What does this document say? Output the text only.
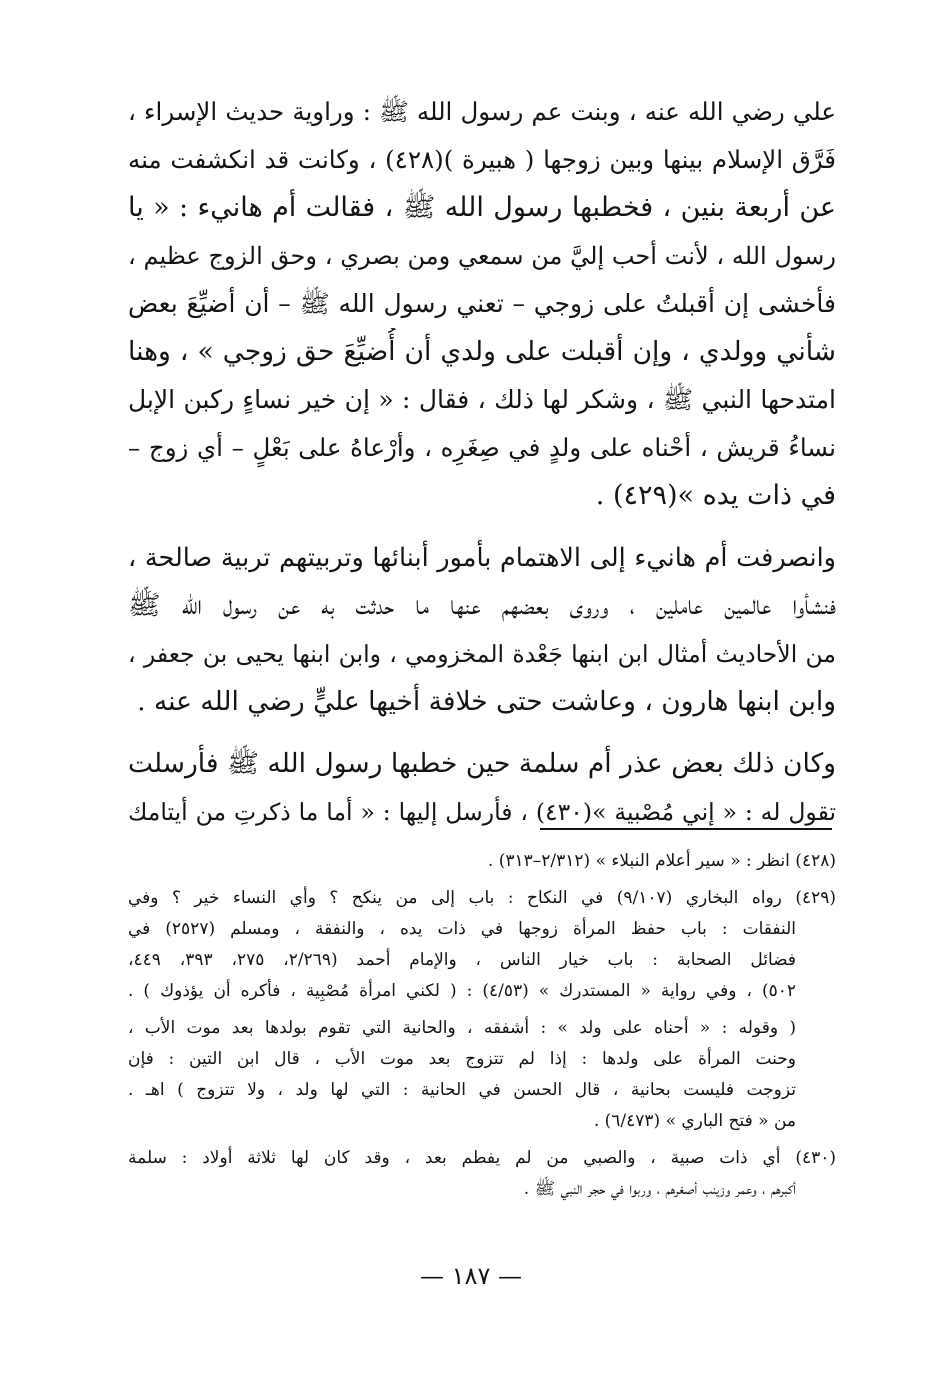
علي رضي الله عنه ، وبنت عم رسول الله ﷺ : وراوية حديث الإسراء ،
فَرَّق الإسلام بينها وبين زوجها ( هبيرة )(٤٢٨) ، وكانت قد انكشفت منه
عن أربعة بنين ، فخطبها رسول الله ﷺ ، فقالت أم هانيء : « يا
رسول الله ، لأنت أحب إليَّ من سمعي ومن بصري ، وحق الزوج عظيم ،
فأخشى إن أقبلتُ على زوجي – تعني رسول الله ﷺ – أن أضيِّعَ بعض
شأني وولدي ، وإن أقبلت على ولدي أن أُضيِّعَ حق زوجي » ، وهنا
امتدحها النبي ﷺ ، وشكر لها ذلك ، فقال : « إن خير نساءٍ ركبن الإبل
نساءُ قريش ، أحْناه على ولدٍ في صِغَرِه ، وأرْعاهُ على بَعْلٍ – أي زوج –
في ذات يده »(٤٢٩) .
وانصرفت أم هانيء إلى الاهتمام بأمور أبنائها وتربيتهم تربية صالحة ،
فنشأوا عالمين عاملين ، وروى بعضهم عنها ما حدثت به عن رسول الله ﷺ
من الأحاديث أمثال ابن ابنها جَعْدة المخزومي ، وابن ابنها يحيى بن جعفر ،
وابن ابنها هارون ، وعاشت حتى خلافة أخيها عليٍّ رضي الله عنه .
وكان ذلك بعض عذر أم سلمة حين خطبها رسول الله ﷺ فأرسلت
تقول له : « إني مُصْبية »(٤٣٠) ، فأرسل إليها : « أما ما ذكرتِ من أيتامك
(٤٢٨) انظر : « سير أعلام النبلاء » (٢/٣١٢–٣١٣) .
(٤٢٩) رواه البخاري (٩/١٠٧) في النكاح : باب إلى من ينكح ؟ وأي النساء خير ؟ وفي
النفقات : باب حفظ المرأة زوجها في ذات يده ، والنفقة ، ومسلم (٢٥٢٧) في
فضائل الصحابة : باب خيار الناس ، والإمام أحمد (٢/٢٦٩، ٢٧٥، ٣٩٣، ٤٤٩،
٥٠٢) ، وفي رواية « المستدرك » (٤/٥٣) : ( لكني امرأة مُصْبِية ، فأكره أن يؤذوك ) .
( وقوله : « أحناه على ولد » : أشفقه ، والحانية التي تقوم بولدها بعد موت الأب ،
وحنت المرأة على ولدها : إذا لم تتزوج بعد موت الأب ، قال ابن التين : فإن
تزوجت فليست بحانية ، قال الحسن في الحانية : التي لها ولد ، ولا تتزوج ) اهـ .
من « فتح الباري » (٦/٤٧٣) .
(٤٣٠) أي ذات صبية ، والصبي من لم يفطم بعد ، وقد كان لها ثلاثة أولاد : سلمة
أكبرهم ، وعمر وزينب أصغرهم ، وربوا في حجر النبي ﷺ .
— ١٨٧ —
